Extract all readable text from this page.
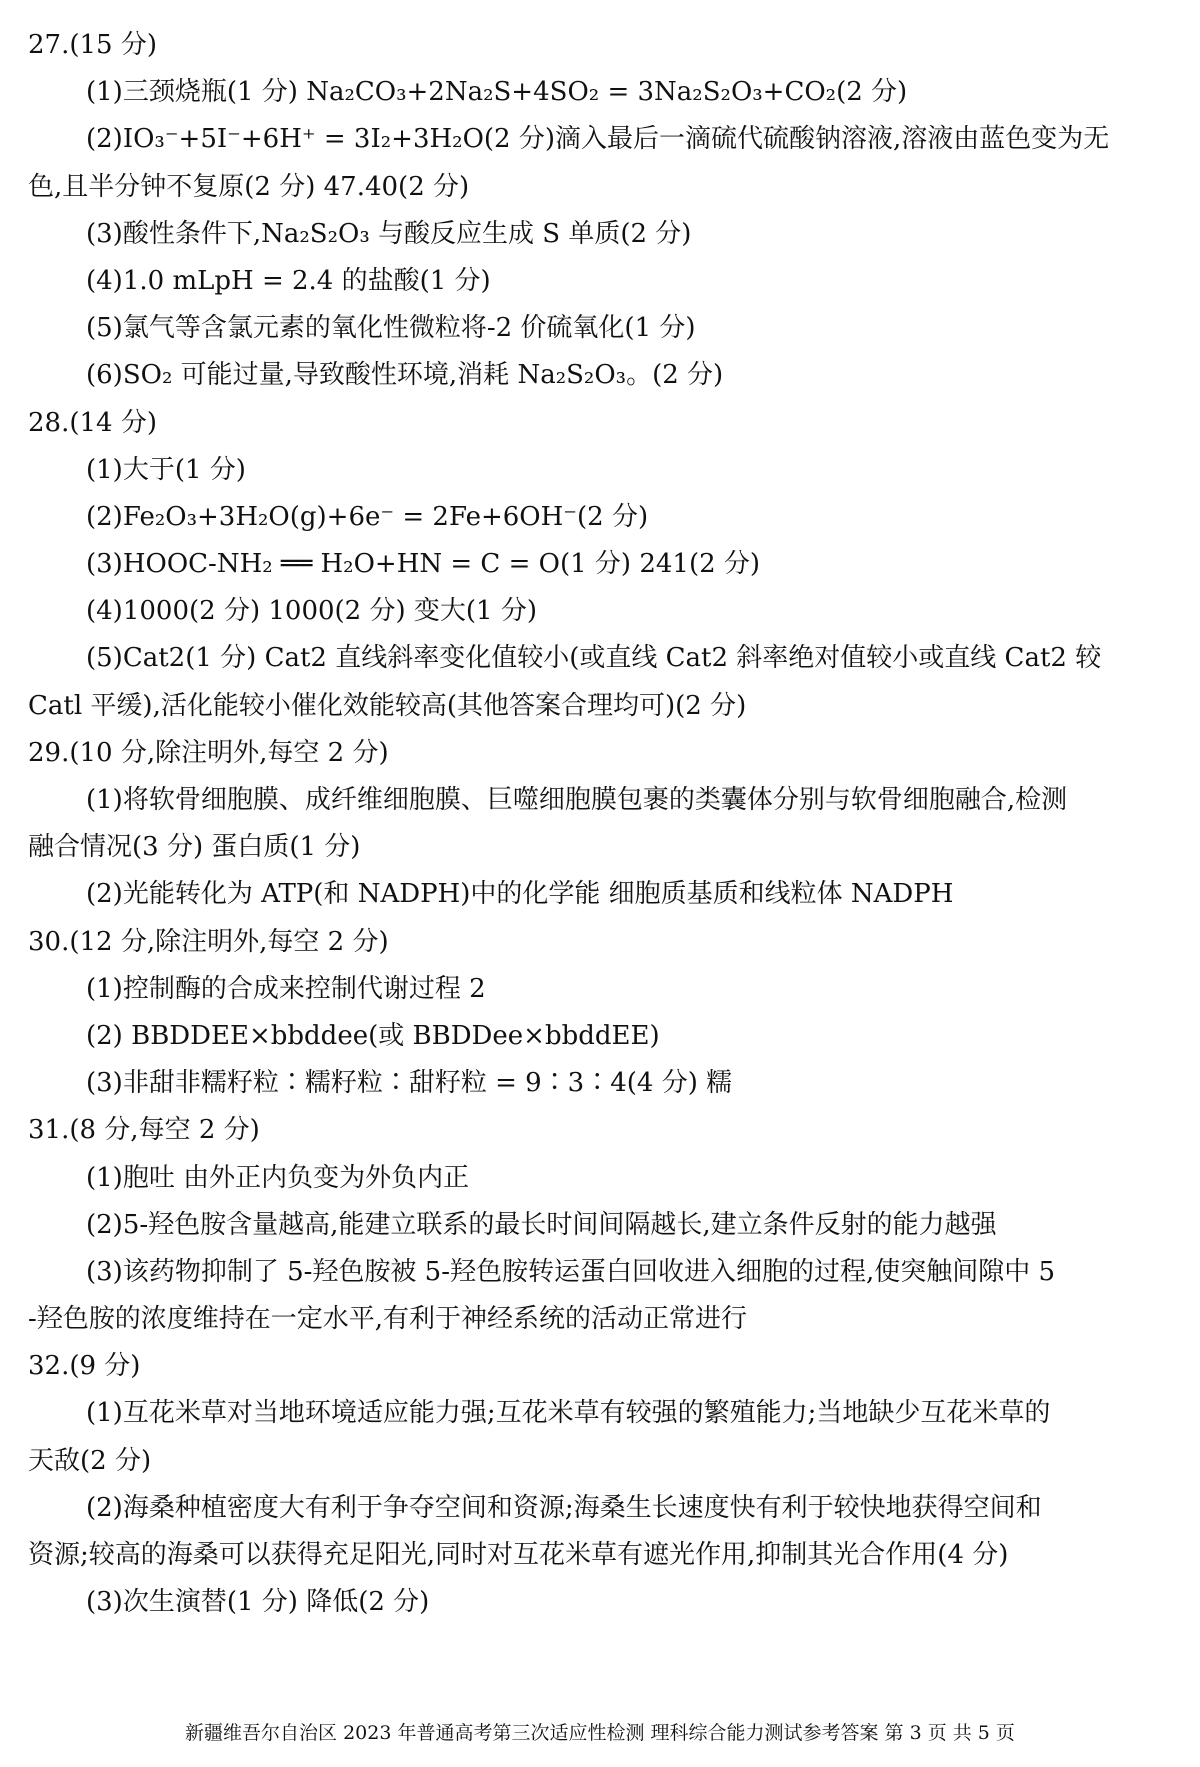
27.(15 分)
(1)三颈烧瓶(1 分) Na₂CO₃+2Na₂S+4SO₂ = 3Na₂S₂O₃+CO₂(2 分)
(2)IO₃⁻+5I⁻+6H⁺ = 3I₂+3H₂O(2 分)滴入最后一滴硫代硫酸钠溶液,溶液由蓝色变为无
色,且半分钟不复原(2 分) 47.40(2 分)
(3)酸性条件下,Na₂S₂O₃ 与酸反应生成 S 单质(2 分)
(4)1.0 mLpH = 2.4 的盐酸(1 分)
(5)氯气等含氯元素的氧化性微粒将-2 价硫氧化(1 分)
(6)SO₂ 可能过量,导致酸性环境,消耗 Na₂S₂O₃。(2 分)
28.(14 分)
(1)大于(1 分)
(2)Fe₂O₃+3H₂O(g)+6e⁻ = 2Fe+6OH⁻(2 分)
(3)HOOC-NH₂ ══ H₂O+HN = C = O(1 分) 241(2 分)
(4)1000(2 分) 1000(2 分) 变大(1 分)
(5)Cat2(1 分) Cat2 直线斜率变化值较小(或直线 Cat2 斜率绝对值较小或直线 Cat2 较
Catl 平缓),活化能较小催化效能较高(其他答案合理均可)(2 分)
29.(10 分,除注明外,每空 2 分)
(1)将软骨细胞膜、成纤维细胞膜、巨噬细胞膜包裹的类囊体分别与软骨细胞融合,检测
融合情况(3 分) 蛋白质(1 分)
(2)光能转化为 ATP(和 NADPH)中的化学能 细胞质基质和线粒体 NADPH
30.(12 分,除注明外,每空 2 分)
(1)控制酶的合成来控制代谢过程 2
(2) BBDDEE×bbddee(或 BBDDee×bbddEE)
(3)非甜非糯籽粒∶糯籽粒∶甜籽粒 = 9∶3∶4(4 分) 糯
31.(8 分,每空 2 分)
(1)胞吐 由外正内负变为外负内正
(2)5-羟色胺含量越高,能建立联系的最长时间间隔越长,建立条件反射的能力越强
(3)该药物抑制了 5-羟色胺被 5-羟色胺转运蛋白回收进入细胞的过程,使突触间隙中 5
-羟色胺的浓度维持在一定水平,有利于神经系统的活动正常进行
32.(9 分)
(1)互花米草对当地环境适应能力强;互花米草有较强的繁殖能力;当地缺少互花米草的
天敌(2 分)
(2)海桑种植密度大有利于争夺空间和资源;海桑生长速度快有利于较快地获得空间和
资源;较高的海桑可以获得充足阳光,同时对互花米草有遮光作用,抑制其光合作用(4 分)
(3)次生演替(1 分) 降低(2 分)
新疆维吾尔自治区 2023 年普通高考第三次适应性检测 理科综合能力测试参考答案 第 3 页 共 5 页
